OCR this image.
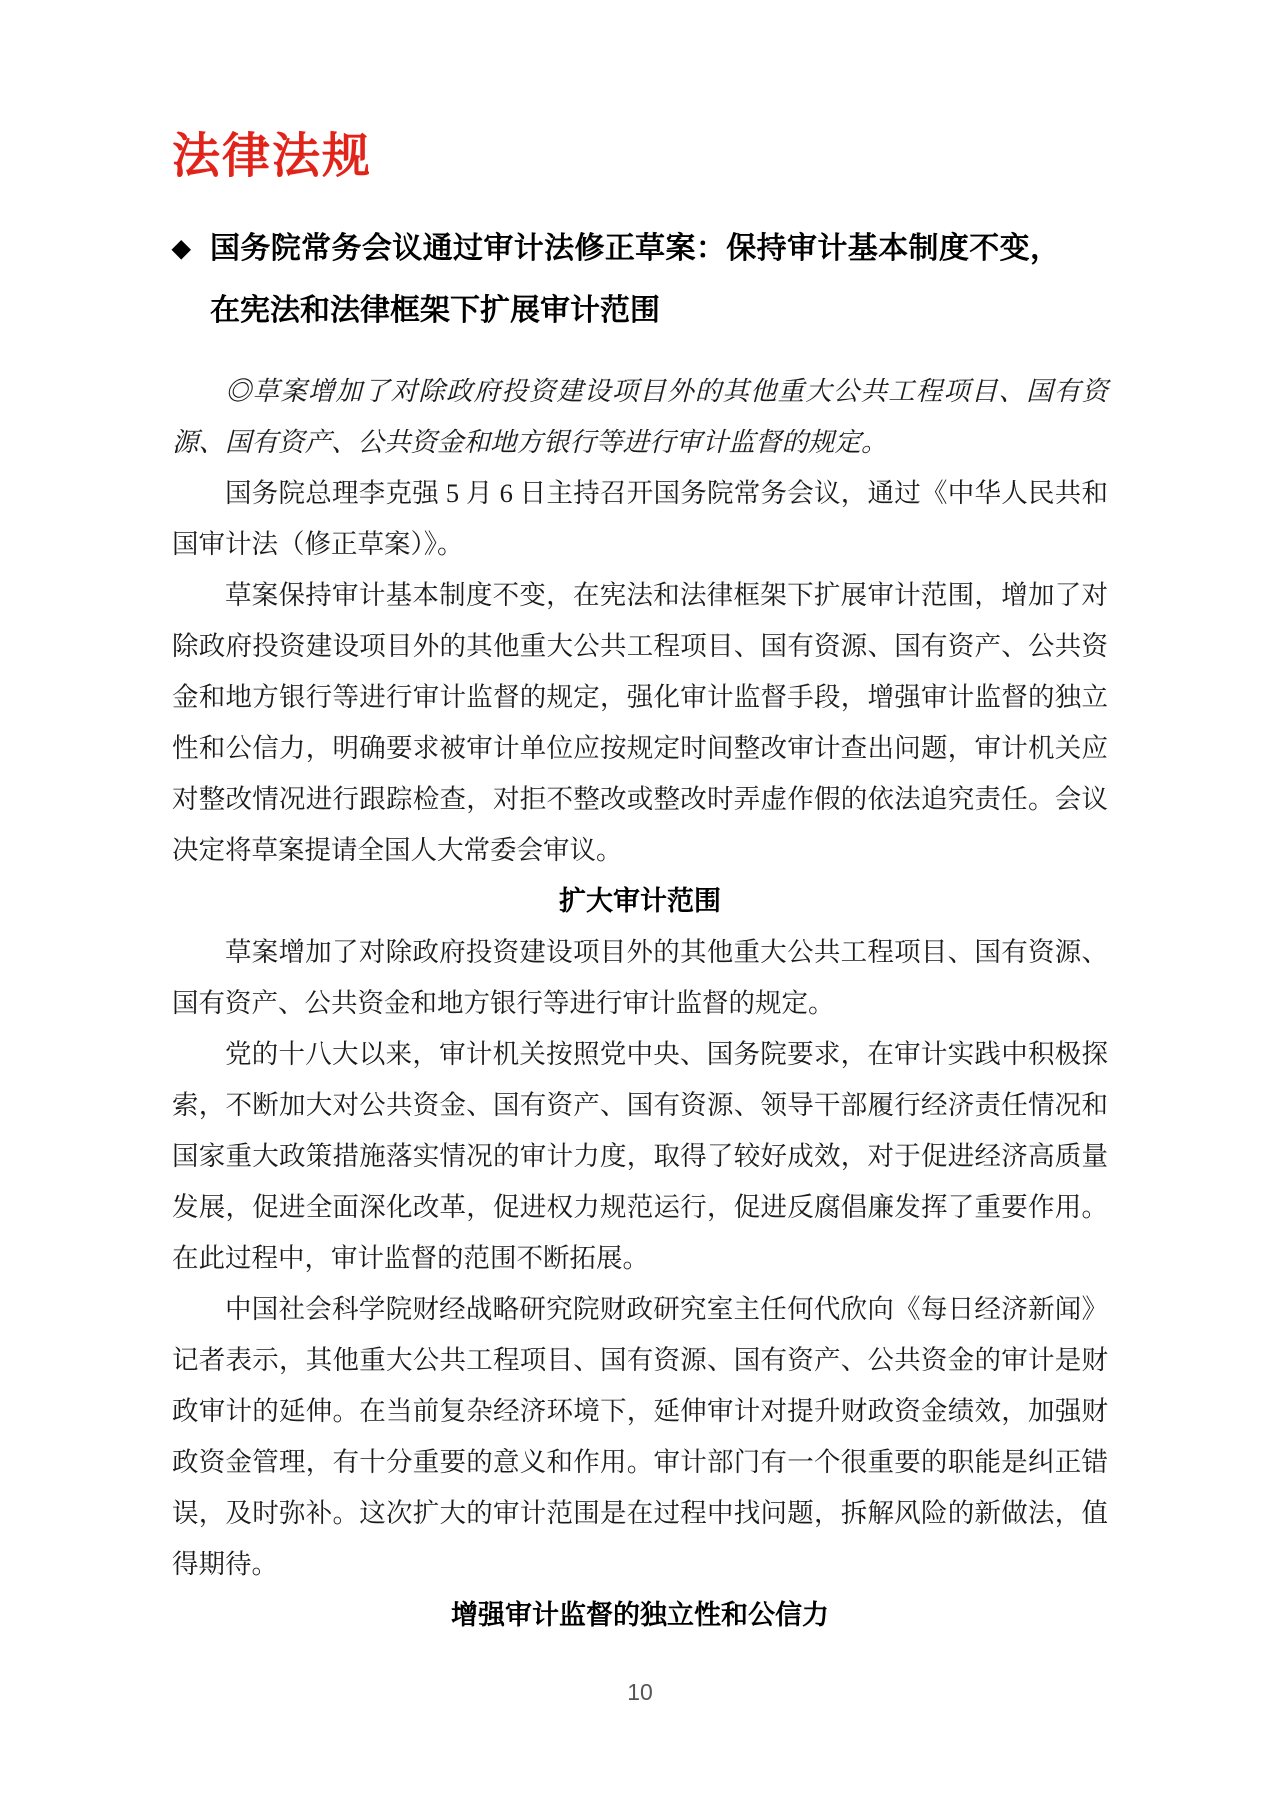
法律法规
◆ 国务院常务会议通过审计法修正草案：保持审计基本制度不变，在宪法和法律框架下扩展审计范围

◎草案增加了对除政府投资建设项目外的其他重大公共工程项目、国有资源、国有资产、公共资金和地方银行等进行审计监督的规定。

国务院总理李克强 5 月 6 日主持召开国务院常务会议，通过《中华人民共和国审计法（修正草案）》。

草案保持审计基本制度不变，在宪法和法律框架下扩展审计范围，增加了对除政府投资建设项目外的其他重大公共工程项目、国有资源、国有资产、公共资金和地方银行等进行审计监督的规定，强化审计监督手段，增强审计监督的独立性和公信力，明确要求被审计单位应按规定时间整改审计查出问题，审计机关应对整改情况进行跟踪检查，对拒不整改或整改时弄虚作假的依法追究责任。会议决定将草案提请全国人大常委会审议。

扩大审计范围

草案增加了对除政府投资建设项目外的其他重大公共工程项目、国有资源、国有资产、公共资金和地方银行等进行审计监督的规定。

党的十八大以来，审计机关按照党中央、国务院要求，在审计实践中积极探索，不断加大对公共资金、国有资产、国有资源、领导干部履行经济责任情况和国家重大政策措施落实情况的审计力度，取得了较好成效，对于促进经济高质量发展，促进全面深化改革，促进权力规范运行，促进反腐倡廉发挥了重要作用。在此过程中，审计监督的范围不断拓展。

中国社会科学院财经战略研究院财政研究室主任何代欣向《每日经济新闻》记者表示，其他重大公共工程项目、国有资源、国有资产、公共资金的审计是财政审计的延伸。在当前复杂经济环境下，延伸审计对提升财政资金绩效，加强财政资金管理，有十分重要的意义和作用。审计部门有一个很重要的职能是纠正错误，及时弥补。这次扩大的审计范围是在过程中找问题，拆解风险的新做法，值得期待。

增强审计监督的独立性和公信力
10
